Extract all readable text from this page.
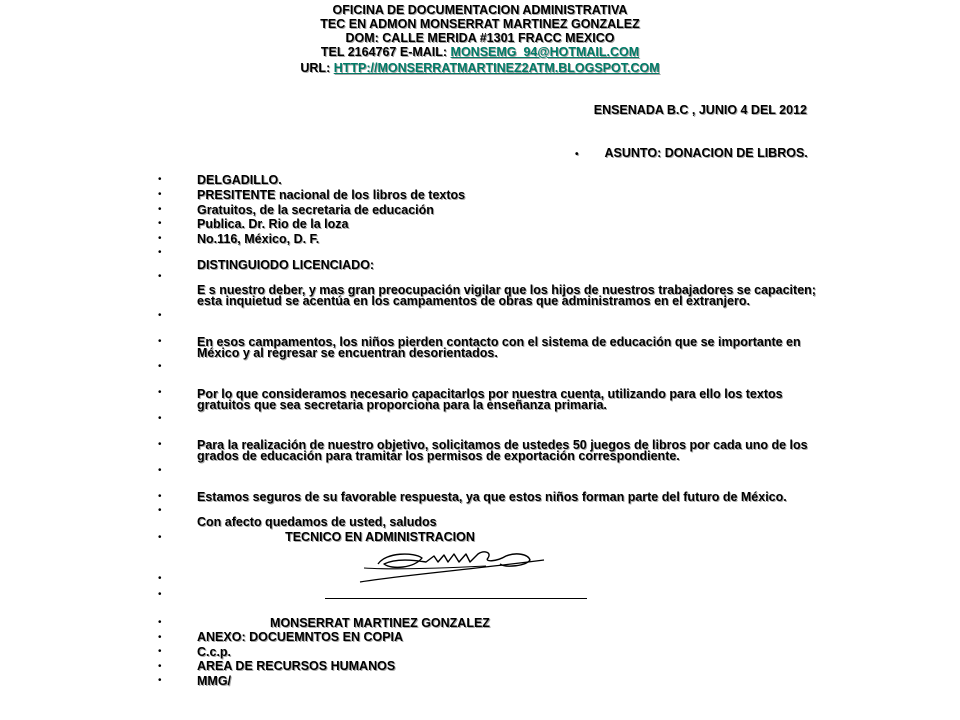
OFICINA DE DOCUMENTACION ADMINISTRATIVA
TEC EN ADMON MONSERRAT MARTINEZ GONZALEZ
DOM: CALLE MERIDA #1301 FRACC MEXICO
TEL 2164767 E-MAIL: MONSEMG_94@HOTMAIL.COM
URL: HTTP://MONSERRATMARTINEZ2ATM.BLOGSPOT.COM
ENSENADA B.C , JUNIO 4 DEL 2012
• ASUNTO: DONACION DE LIBROS.
•
•
•
•
•
•
•
•
•
•
•
•
•
•
•
•
•
•
•
•
•
•
•
•
DELGADILLO.
PRESITENTE nacional de los libros de textos
Gratuitos, de la secretaria de educación
Publica. Dr. Rio de la loza
No.116, México, D. F.
DISTINGUIODO LICENCIADO:
E s nuestro deber, y mas gran preocupación vigilar que los hijos de nuestros trabajadores se capaciten;
esta inquietud se acentúa en los campamentos de obras que administramos en el extranjero.
En esos campamentos, los niños pierden contacto con el sistema de educación que se importante en
México y al regresar se encuentran desorientados.
Por lo que consideramos necesario capacitarlos por nuestra cuenta, utilizando para ello los textos
gratuitos que sea secretaria proporciona para la enseñanza primaria.
Para la realización de nuestro objetivo, solicitamos de ustedes 50 juegos de libros por cada uno de los
grados de educación para tramitar los permisos de exportación correspondiente.
Estamos seguros de su favorable respuesta, ya que estos niños forman parte del futuro de México.
Con afecto quedamos de usted, saludos
TECNICO EN ADMINISTRACION
MONSERRAT MARTINEZ GONZALEZ
ANEXO: DOCUEMNTOS EN COPIA
C.c.p.
AREA DE RECURSOS HUMANOS
MMG/
